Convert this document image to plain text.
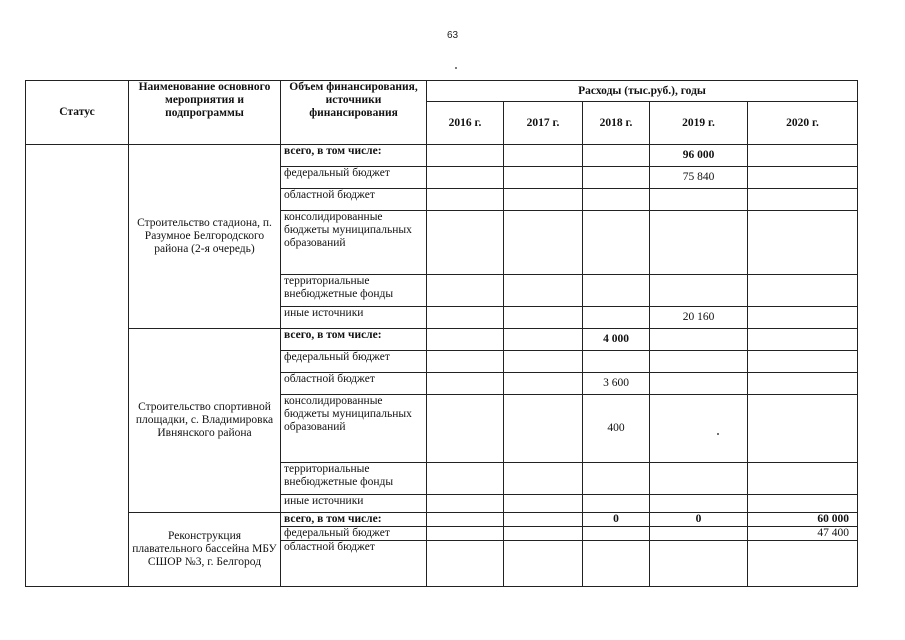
63
Статус	Наименование основного мероприятия и подпрограммы	Объем финансирования, источники финансирования	Расходы (тыс.руб.), годы				
			2016 г.	2017 г.	2018 г.	2019 г.	2020 г.
	Строительство стадиона, п. Разумное Белгородского района (2-я очередь)	всего, в том числе:				96 000	
		федеральный бюджет				75 840	
		областной бюджет					
		консолидированные бюджеты муниципальных образований					
		территориальные внебюджетные фонды					
		иные источники				20 160	
	Строительство спортивной площадки, с. Владимировка Ивнянского района	всего, в том числе:			4 000		
		федеральный бюджет					
		областной бюджет			3 600		
		консолидированные бюджеты муниципальных образований			400		
		территориальные внебюджетные фонды					
		иные источники					
	Реконструкция плавательного бассейна МБУ СШОР №3, г. Белгород	всего, в том числе:			0	0	60 000
		федеральный бюджет					47 400
		областной бюджет					
